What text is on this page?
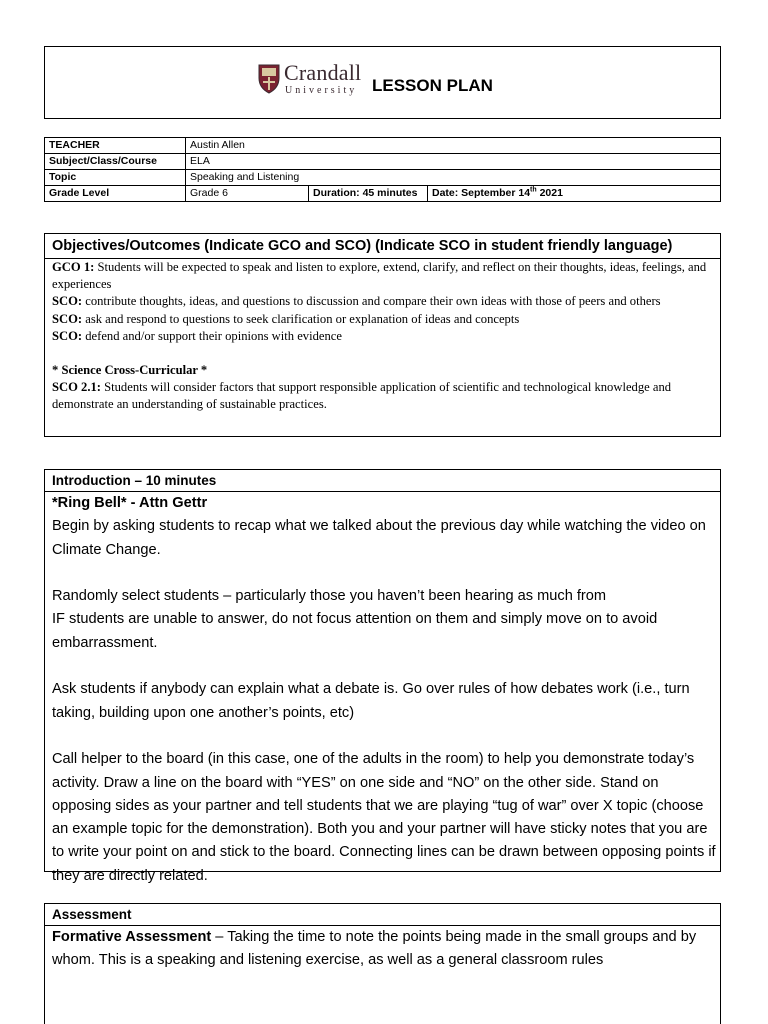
Crandall
University LESSON PLAN
TEACHER	Austin Allen		
Subject/Class/Course	ELA		
Topic	Speaking and Listening		
Grade Level	Grade 6	Duration: 45 minutes	Date: September 14th 2021
Objectives/Outcomes (Indicate GCO and SCO) (Indicate SCO in student friendly language)

GCO 1: Students will be expected to speak and listen to explore, extend, clarify, and reflect on their thoughts, ideas, feelings, and experiences

SCO: contribute thoughts, ideas, and questions to discussion and compare their own ideas with those of peers and others

SCO: ask and respond to questions to seek clarification or explanation of ideas and concepts

SCO: defend and/or support their opinions with evidence

* Science Cross-Curricular *

SCO 2.1: Students will consider factors that support responsible application of scientific and technological knowledge and demonstrate an understanding of sustainable practices.

Introduction – 10 minutes

*Ring Bell* - Attn Gettr

Begin by asking students to recap what we talked about the previous day while watching the video on Climate Change.

Randomly select students – particularly those you haven’t been hearing as much from

IF students are unable to answer, do not focus attention on them and simply move on to avoid embarrassment.

Ask students if anybody can explain what a debate is. Go over rules of how debates work (i.e., turn taking, building upon one another’s points, etc)

Call helper to the board (in this case, one of the adults in the room) to help you demonstrate today’s activity. Draw a line on the board with “YES” on one side and “NO” on the other side. Stand on opposing sides as your partner and tell students that we are playing “tug of war” over X topic (choose an example topic for the demonstration). Both you and your partner will have sticky notes that you are to write your point on and stick to the board. Connecting lines can be drawn between opposing points if they are directly related.

Assessment

Formative Assessment – Taking the time to note the points being made in the small groups and by whom. This is a speaking and listening exercise, as well as a general classroom rules
